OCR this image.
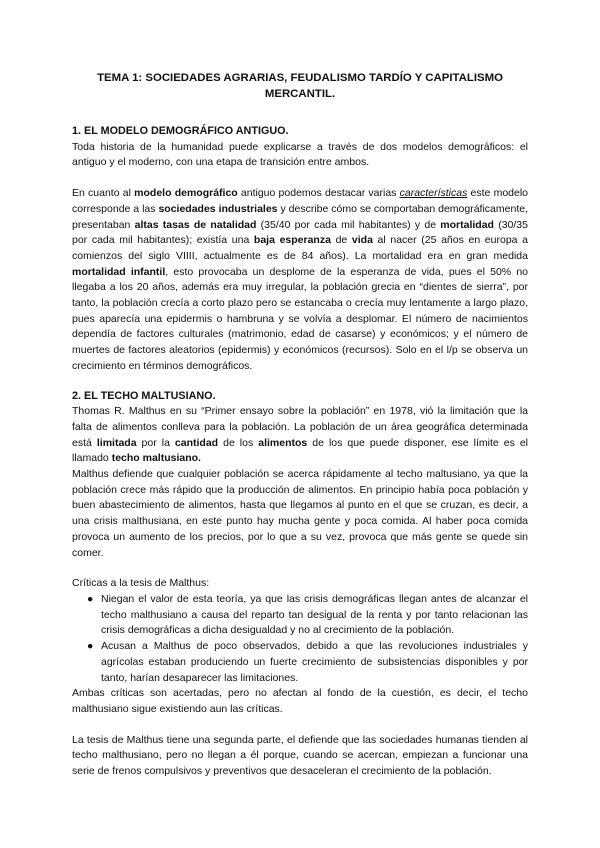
TEMA 1: SOCIEDADES AGRARIAS, FEUDALISMO TARDÍO Y CAPITALISMO MERCANTIL.
1. EL MODELO DEMOGRÁFICO ANTIGUO.

Toda historia de la humanidad puede explicarse a través de dos modelos demográficos: el antiguo y el moderno, con una etapa de transición entre ambos.

En cuanto al modelo demográfico antiguo podemos destacar varias características este modelo corresponde a las sociedades industriales y describe cómo se comportaban demográficamente, presentaban altas tasas de natalidad (35/40 por cada mil habitantes) y de mortalidad (30/35 por cada mil habitantes); existía una baja esperanza de vida al nacer (25 años en europa a comienzos del siglo VIIII, actualmente es de 84 años). La mortalidad era en gran medida mortalidad infantil, esto provocaba un desplome de la esperanza de vida, pues el 50% no llegaba a los 20 años, además era muy irregular, la población grecia en “dientes de sierra”, por tanto, la población crecía a corto plazo pero se estancaba o crecía muy lentamente a largo plazo, pues aparecía una epidermis o hambruna y se volvía a desplomar. El número de nacimientos dependía de factores culturales (matrimonio, edad de casarse) y económicos; y el número de muertes de factores aleatorios (epidermis) y económicos (recursos). Solo en el l/p se observa un crecimiento en términos demográficos.

2. EL TECHO MALTUSIANO.

Thomas R. Malthus en su “Primer ensayo sobre la población” en 1978, vió la limitación que la falta de alimentos conlleva para la población. La población de un área geográfica determinada está limitada por la cantidad de los alimentos de los que puede disponer, ese límite es el llamado techo maltusiano.

Malthus defiende que cualquier población se acerca rápidamente al techo maltusiano, ya que la población crece más rápido que la producción de alimentos. En principio había poca población y buen abastecimiento de alimentos, hasta que llegamos al punto en el que se cruzan, es decir, a una crisis malthusiana, en este punto hay mucha gente y poca comida. Al haber poca comida provoca un aumento de los precios, por lo que a su vez, provoca que más gente se quede sin comer.

Críticas a la tesis de Malthus:

● Niegan el valor de esta teoría, ya que las crisis demográficas llegan antes de alcanzar el techo malthusiano a causa del reparto tan desigual de la renta y por tanto relacionan las crisis demográficas a dicha desigualdad y no al crecimiento de la población.
● Acusan a Malthus de poco observados, debido a que las revoluciones industriales y agrícolas estaban produciendo un fuerte crecimiento de subsistencias disponibles y por tanto, harían desaparecer las limitaciones.

Ambas críticas son acertadas, pero no afectan al fondo de la cuestión, es decir, el techo malthusiano sigue existiendo aun las críticas.

La tesis de Malthus tiene una segunda parte, el defiende que las sociedades humanas tienden al techo malthusiano, pero no llegan a él porque, cuando se acercan, empiezan a funcionar una serie de frenos compulsivos y preventivos que desaceleran el crecimiento de la población.
